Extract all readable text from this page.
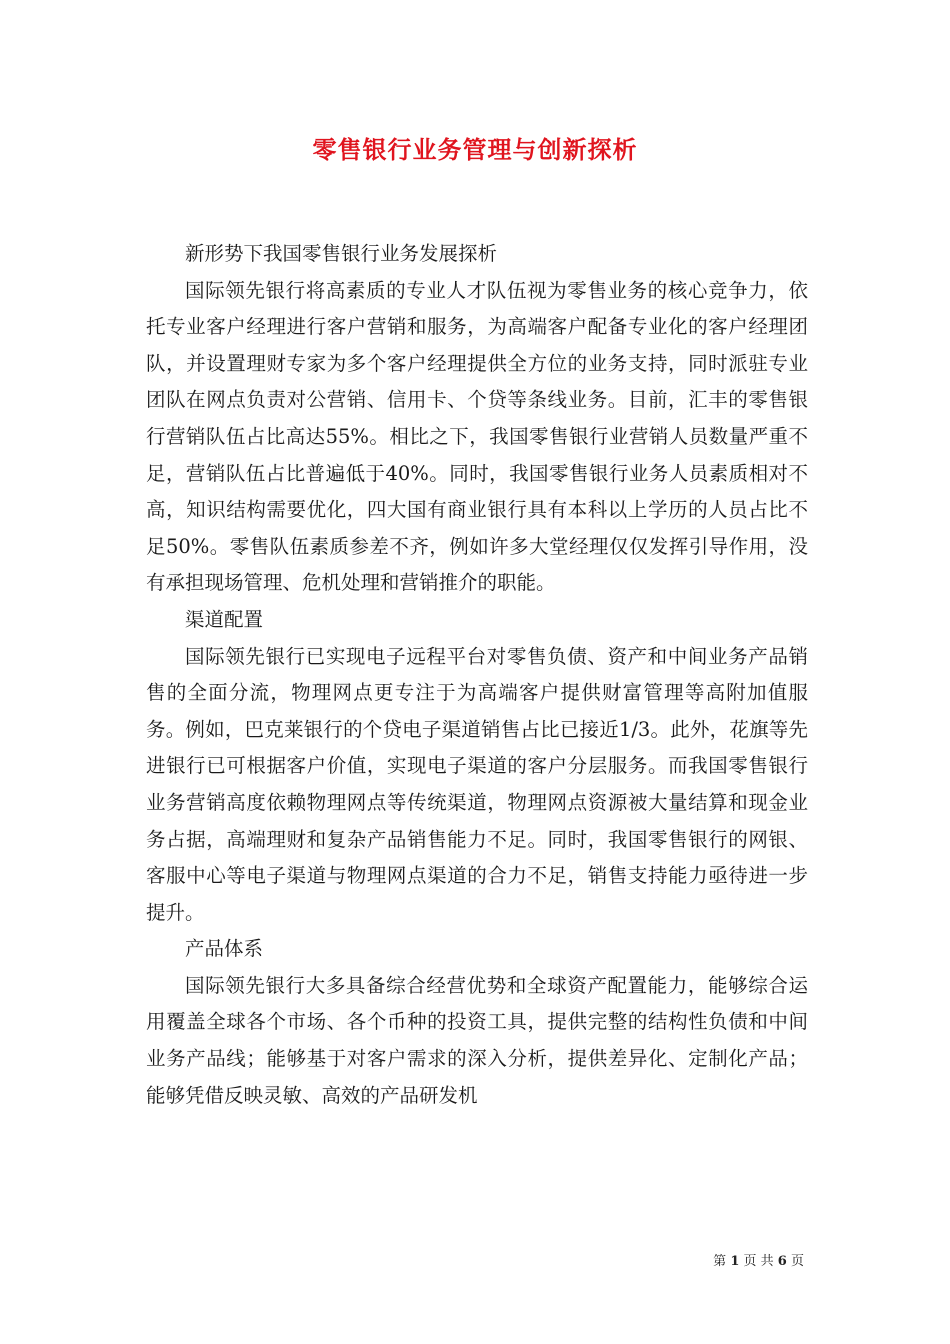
零售银行业务管理与创新探析

新形势下我国零售银行业务发展探析

国际领先银行将高素质的专业人才队伍视为零售业务的核心竞争力，依托专业客户经理进行客户营销和服务，为高端客户配备专业化的客户经理团队，并设置理财专家为多个客户经理提供全方位的业务支持，同时派驻专业团队在网点负责对公营销、信用卡、个贷等条线业务。目前，汇丰的零售银行营销队伍占比高达55%。相比之下，我国零售银行业营销人员数量严重不足，营销队伍占比普遍低于40%。同时，我国零售银行业务人员素质相对不高，知识结构需要优化，四大国有商业银行具有本科以上学历的人员占比不足50%。零售队伍素质参差不齐，例如许多大堂经理仅仅发挥引导作用，没有承担现场管理、危机处理和营销推介的职能。

渠道配置

国际领先银行已实现电子远程平台对零售负债、资产和中间业务产品销售的全面分流，物理网点更专注于为高端客户提供财富管理等高附加值服务。例如，巴克莱银行的个贷电子渠道销售占比已接近1/3。此外，花旗等先进银行已可根据客户价值，实现电子渠道的客户分层服务。而我国零售银行业务营销高度依赖物理网点等传统渠道，物理网点资源被大量结算和现金业务占据，高端理财和复杂产品销售能力不足。同时，我国零售银行的网银、客服中心等电子渠道与物理网点渠道的合力不足，销售支持能力亟待进一步提升。

产品体系

国际领先银行大多具备综合经营优势和全球资产配置能力，能够综合运用覆盖全球各个市场、各个币种的投资工具，提供完整的结构性负债和中间业务产品线；能够基于对客户需求的深入分析，提供差异化、定制化产品；能够凭借反映灵敏、高效的产品研发机

第 1 页 共 6 页
